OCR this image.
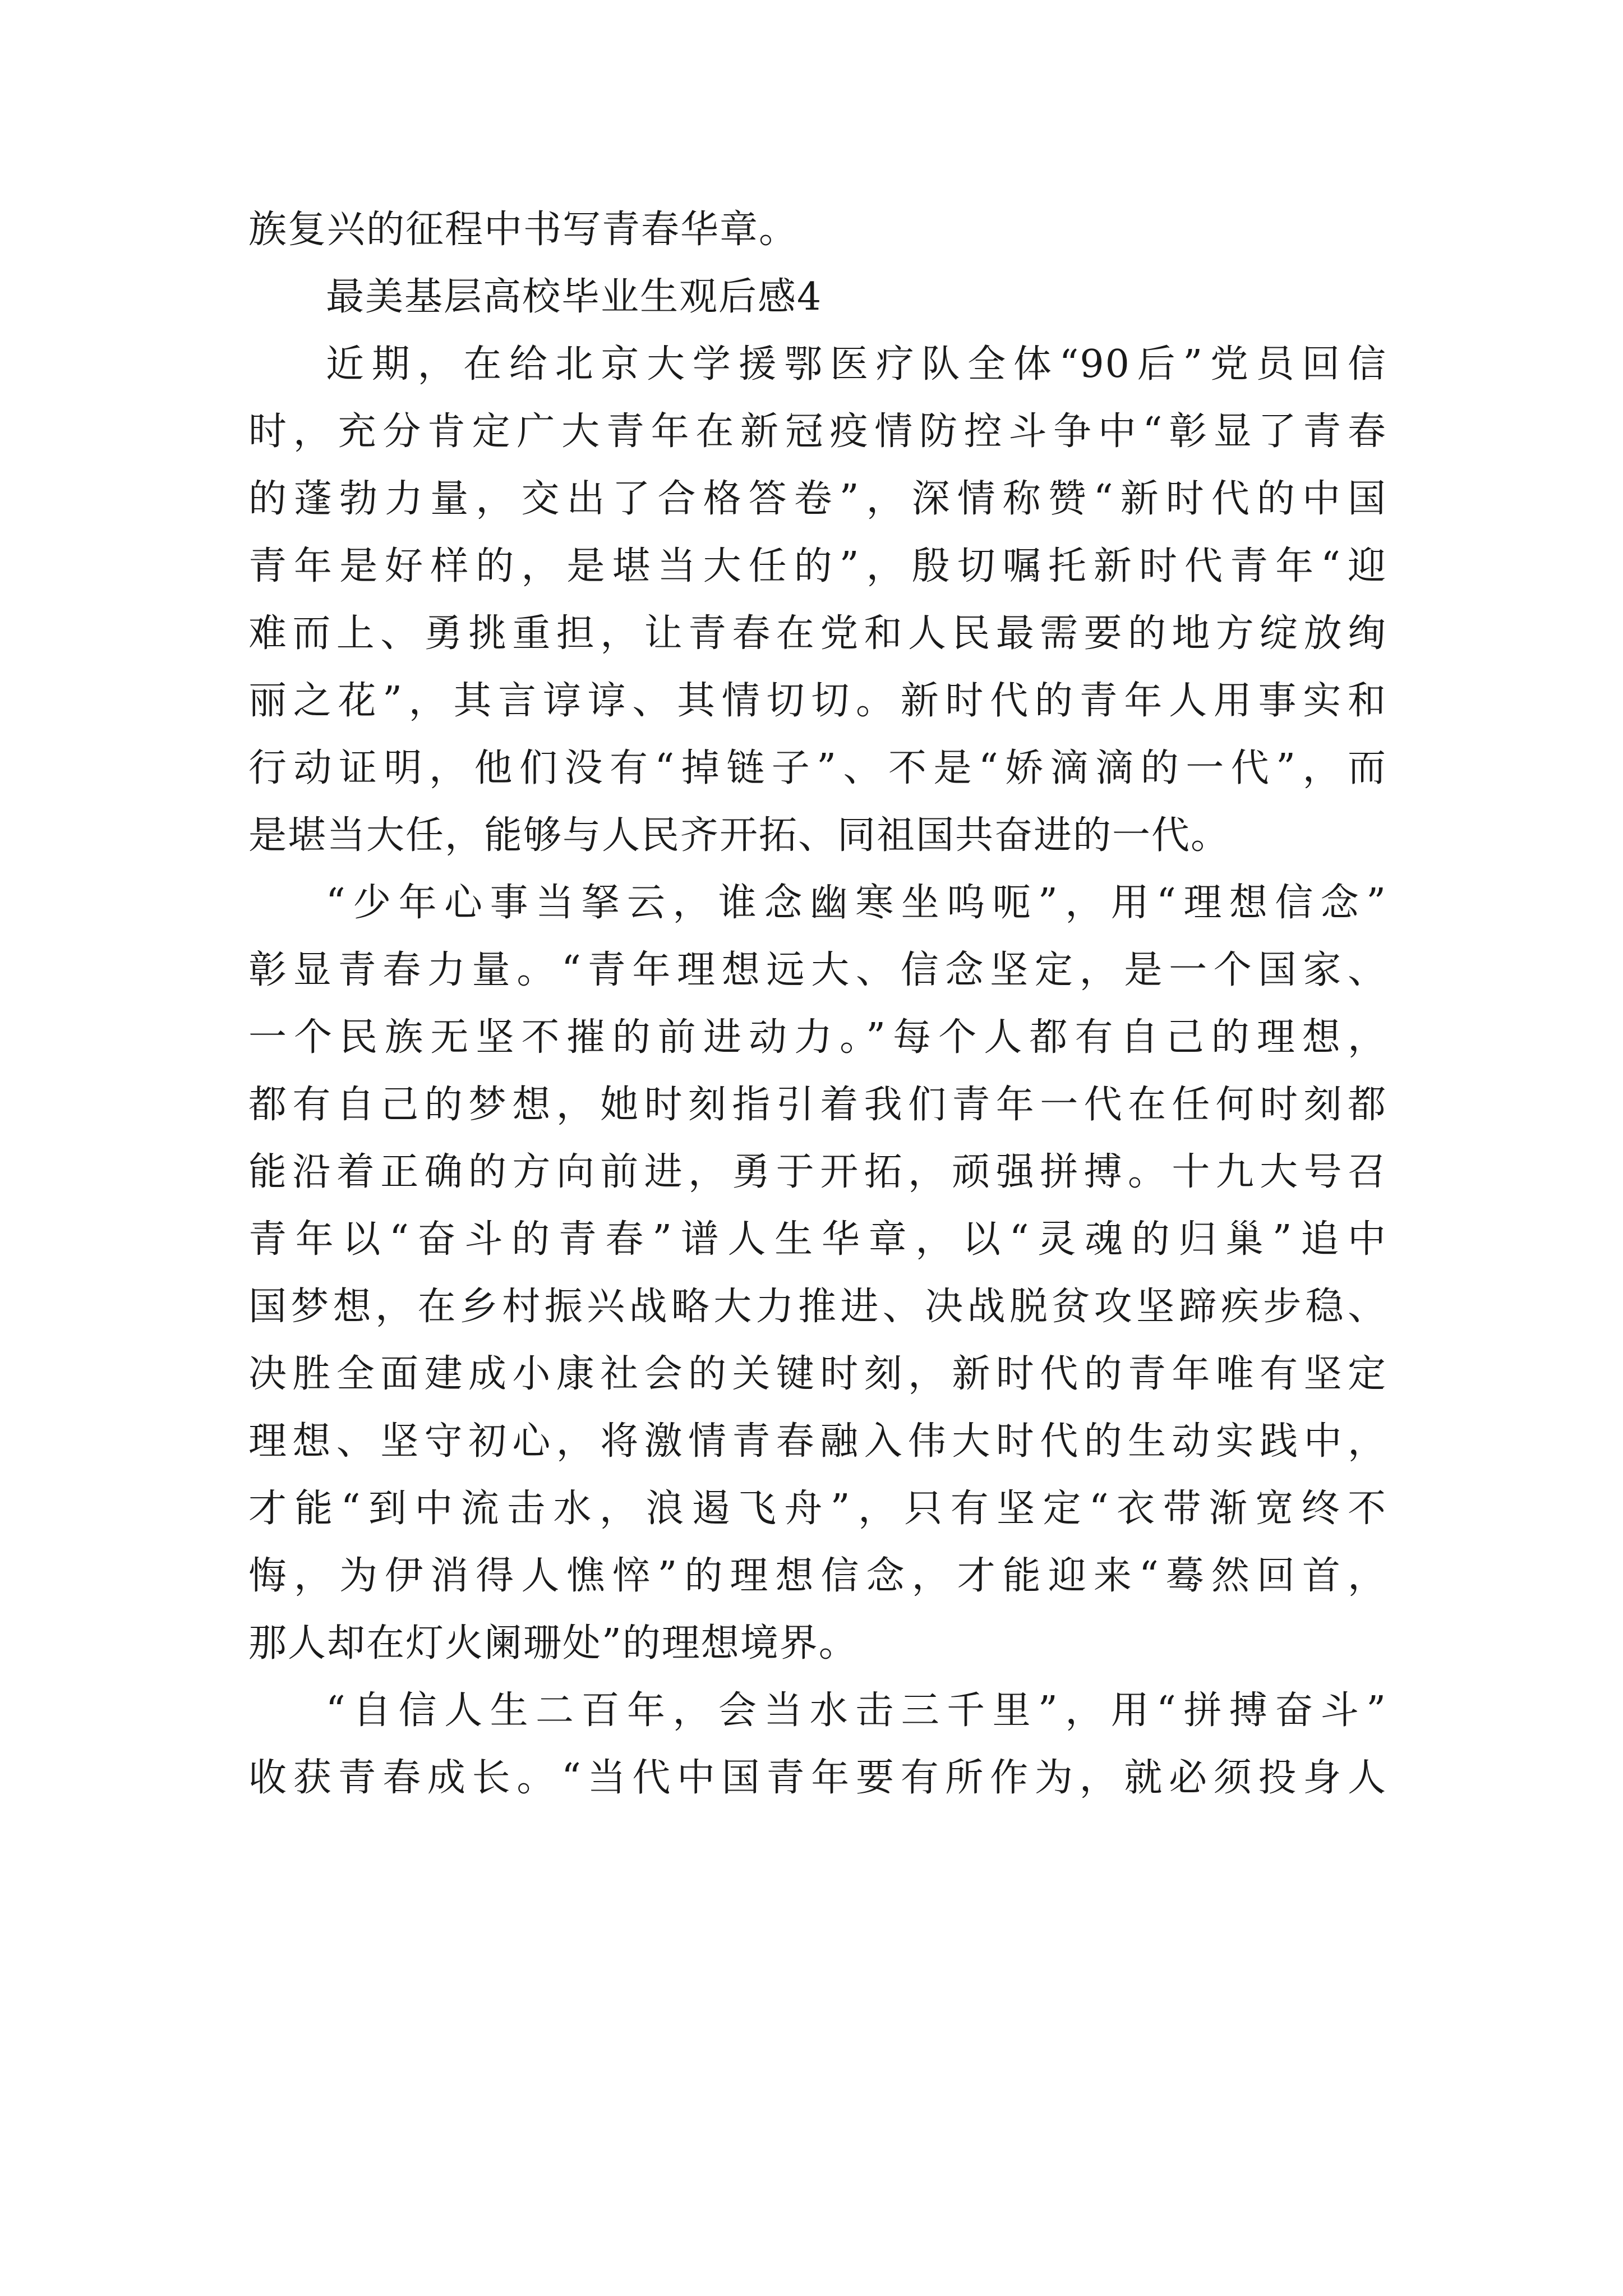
族复兴的征程中书写青春华章。
最美基层高校毕业生观后感4
近期，在给北京大学援鄂医疗队全体“90后”党员回信
时，充分肯定广大青年在新冠疫情防控斗争中“彰显了青春
的蓬勃力量，交出了合格答卷”，深情称赞“新时代的中国
青年是好样的，是堪当大任的”，殷切嘱托新时代青年“迎
难而上、勇挑重担，让青春在党和人民最需要的地方绽放绚
丽之花”，其言谆谆、其情切切。新时代的青年人用事实和
行动证明，他们没有“掉链子”、不是“娇滴滴的一代”，而
是堪当大任，能够与人民齐开拓、同祖国共奋进的一代。
“少年心事当拏云，谁念幽寒坐呜呃”，用“理想信念”
彰显青春力量。“青年理想远大、信念坚定，是一个国家、
一个民族无坚不摧的前进动力。”每个人都有自己的理想，
都有自己的梦想，她时刻指引着我们青年一代在任何时刻都
能沿着正确的方向前进，勇于开拓，顽强拼搏。十九大号召
青年以“奋斗的青春”谱人生华章，以“灵魂的归巢”追中
国梦想，在乡村振兴战略大力推进、决战脱贫攻坚蹄疾步稳、
决胜全面建成小康社会的关键时刻，新时代的青年唯有坚定
理想、坚守初心，将激情青春融入伟大时代的生动实践中，
才能“到中流击水，浪遏飞舟”，只有坚定“衣带渐宽终不
悔，为伊消得人憔悴”的理想信念，才能迎来“蓦然回首，
那人却在灯火阑珊处”的理想境界。
“自信人生二百年，会当水击三千里”，用“拼搏奋斗”
收获青春成长。“当代中国青年要有所作为，就必须投身人
